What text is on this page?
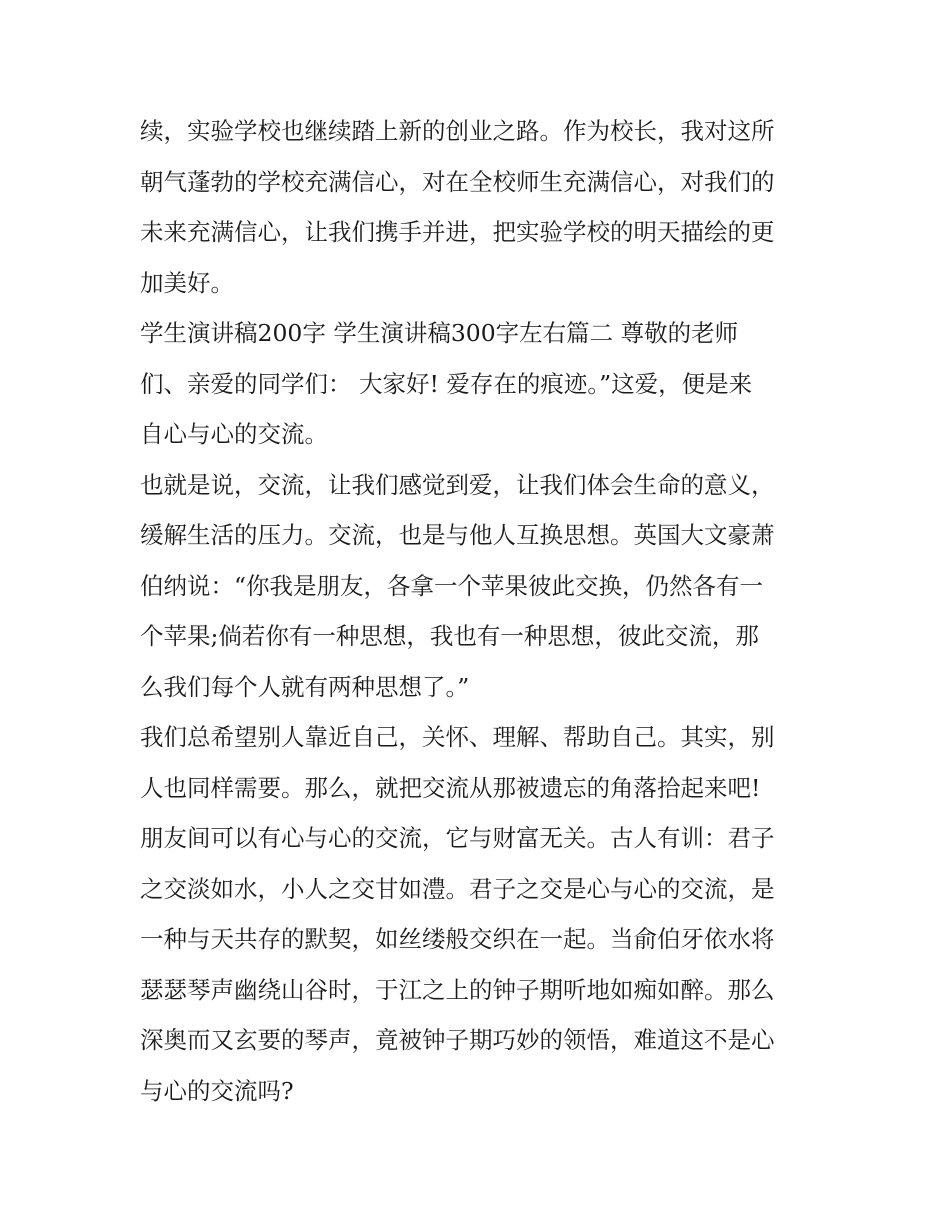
续，实验学校也继续踏上新的创业之路。作为校长，我对这所
朝气蓬勃的学校充满信心，对在全校师生充满信心，对我们的
未来充满信心，让我们携手并进，把实验学校的明天描绘的更
加美好。
学生演讲稿200字 学生演讲稿300字左右篇二 尊敬的老师
们、亲爱的同学们： 大家好! 爱存在的痕迹。”这爱，便是来
自心与心的交流。
也就是说，交流，让我们感觉到爱，让我们体会生命的意义，
缓解生活的压力。交流，也是与他人互换思想。英国大文豪萧
伯纳说：“你我是朋友，各拿一个苹果彼此交换，仍然各有一
个苹果;倘若你有一种思想，我也有一种思想，彼此交流，那
么我们每个人就有两种思想了。”
我们总希望别人靠近自己，关怀、理解、帮助自己。其实，别
人也同样需要。那么，就把交流从那被遗忘的角落拾起来吧!
朋友间可以有心与心的交流，它与财富无关。古人有训：君子
之交淡如水，小人之交甘如澧。君子之交是心与心的交流，是
一种与天共存的默契，如丝缕般交织在一起。当俞伯牙依水将
瑟瑟琴声幽绕山谷时，于江之上的钟子期听地如痴如醉。那么
深奥而又玄要的琴声，竟被钟子期巧妙的领悟，难道这不是心
与心的交流吗?
